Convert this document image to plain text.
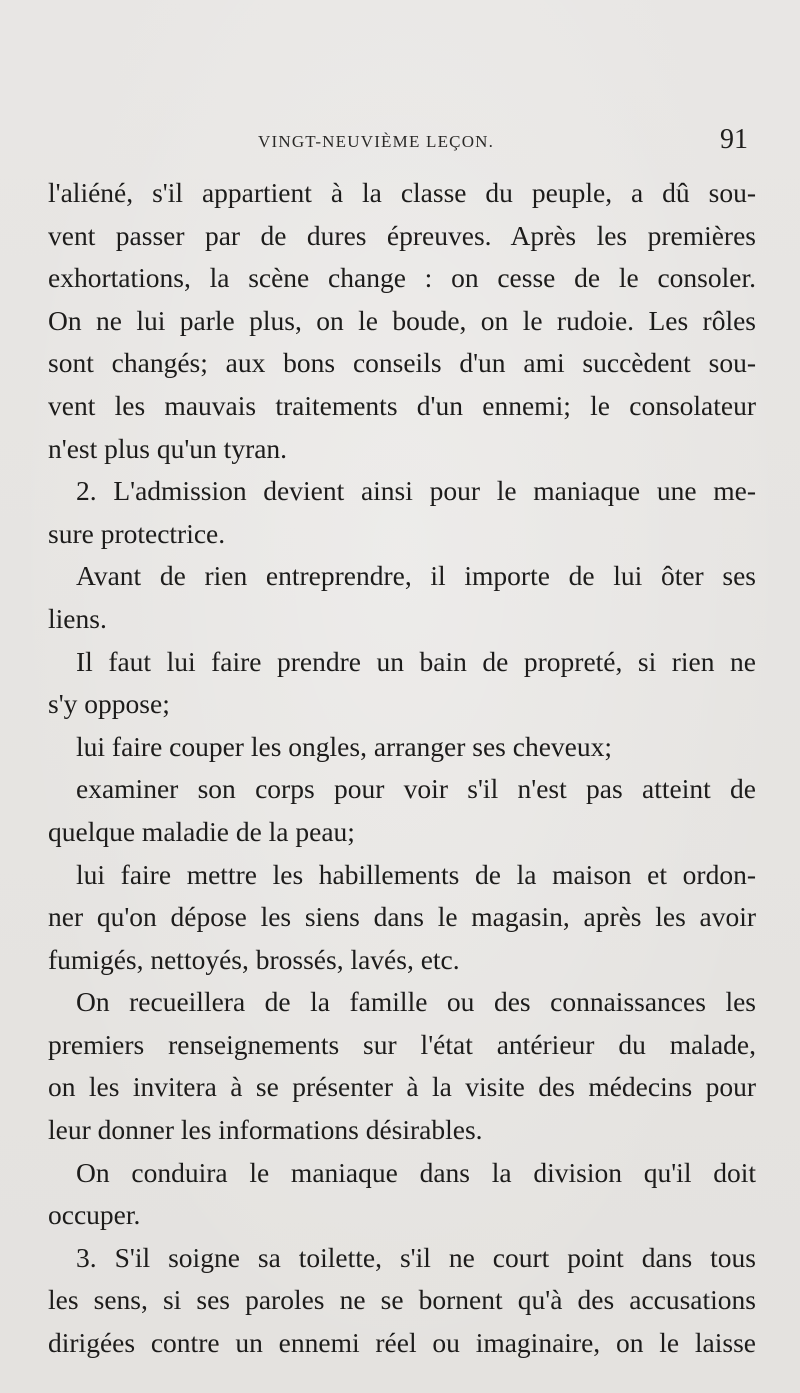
VINGT-NEUVIÈME LEÇON.	91
l'aliéné, s'il appartient à la classe du peuple, a dû sou-
vent passer par de dures épreuves. Après les premières
exhortations, la scène change : on cesse de le consoler.
On ne lui parle plus, on le boude, on le rudoie. Les rôles
sont changés; aux bons conseils d'un ami succèdent sou-
vent les mauvais traitements d'un ennemi; le consolateur
n'est plus qu'un tyran.
2. L'admission devient ainsi pour le maniaque une me-
sure protectrice.
Avant de rien entreprendre, il importe de lui ôter ses
liens.
Il faut lui faire prendre un bain de propreté, si rien ne
s'y oppose;
lui faire couper les ongles, arranger ses cheveux;
examiner son corps pour voir s'il n'est pas atteint de
quelque maladie de la peau;
lui faire mettre les habillements de la maison et ordon-
ner qu'on dépose les siens dans le magasin, après les avoir
fumigés, nettoyés, brossés, lavés, etc.
On recueillera de la famille ou des connaissances les
premiers renseignements sur l'état antérieur du malade,
on les invitera à se présenter à la visite des médecins pour
leur donner les informations désirables.
On conduira le maniaque dans la division qu'il doit
occuper.
3. S'il soigne sa toilette, s'il ne court point dans tous
les sens, si ses paroles ne se bornent qu'à des accusations
dirigées contre un ennemi réel ou imaginaire, on le laisse
